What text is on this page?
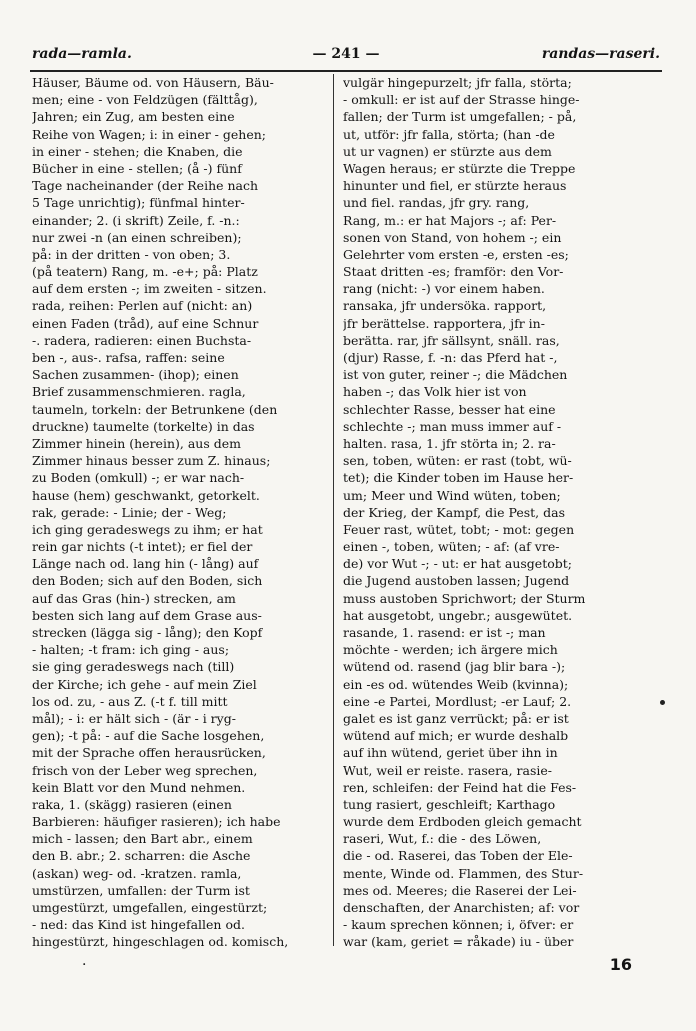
rada—ramla.	— 241 —	randas—raseri.
Häuser, Bäume od. von Häusern, Bäu-
men; eine - von Feldzügen (fälttåg),
Jahren; ein Zug, am besten eine
Reihe von Wagen; i: in einer - gehen;
in einer - stehen; die Knaben, die
Bücher in eine - stellen; (å -) fünf
Tage nacheinander (der Reihe nach
5 Tage unrichtig); fünfmal hinter-
einander; 2. (i skrift) Zeile, f. -n.:
nur zwei -n (an einen schreiben);
på: in der dritten - von oben; 3.
(på teatern) Rang, m. -e+; på: Platz
auf dem ersten -; im zweiten - sitzen.
rada, reihen: Perlen auf (nicht: an)
einen Faden (tråd), auf eine Schnur
-. radera, radieren: einen Buchsta-
ben -, aus-. rafsa, raffen: seine
Sachen zusammen- (ihop); einen
Brief zusammenschmieren. ragla,
taumeln, torkeln: der Betrunkene (den
druckne) taumelte (torkelte) in das
Zimmer hinein (herein), aus dem
Zimmer hinaus besser zum Z. hinaus;
zu Boden (omkull) -; er war nach-
hause (hem) geschwankt, getorkelt.
rak, gerade: - Linie; der - Weg;
ich ging geradeswegs zu ihm; er hat
rein gar nichts (-t intet); er fiel der
Länge nach od. lang hin (- lång) auf
den Boden; sich auf den Boden, sich
auf das Gras (hin-) strecken, am
besten sich lang auf dem Grase aus-
strecken (lägga sig - lång); den Kopf
- halten; -t fram: ich ging - aus;
sie ging geradeswegs nach (till)
der Kirche; ich gehe - auf mein Ziel
los od. zu, - aus Z. (-t f. till mitt
mål); - i: er hält sich - (är - i ryg-
gen); -t på: - auf die Sache losgehen,
mit der Sprache offen herausrücken,
frisch von der Leber weg sprechen,
kein Blatt vor den Mund nehmen.
raka, 1. (skägg) rasieren (einen
Barbieren: häufiger rasieren); ich habe
mich - lassen; den Bart abr., einem
den B. abr.; 2. scharren: die Asche
(askan) weg- od. -kratzen. ramla,
umstürzen, umfallen: der Turm ist
umgestürzt, umgefallen, eingestürzt;
- ned: das Kind ist hingefallen od.
hingestürzt, hingeschlagen od. komisch,
vulgär hingepurzelt; jfr falla, störta;
- omkull: er ist auf der Strasse hinge-
fallen; der Turm ist umgefallen; - på,
ut, utför: jfr falla, störta; (han -de
ut ur vagnen) er stürzte aus dem
Wagen heraus; er stürzte die Treppe
hinunter und fiel, er stürzte heraus
und fiel. randas, jfr gry. rang,
Rang, m.: er hat Majors -; af: Per-
sonen von Stand, von hohem -; ein
Gelehrter vom ersten -e, ersten -es;
Staat dritten -es; framför: den Vor-
rang (nicht: -) vor einem haben.
ransaka, jfr undersöka. rapport,
jfr berättelse. rapportera, jfr in-
berätta. rar, jfr sällsynt, snäll. ras,
(djur) Rasse, f. -n: das Pferd hat -,
ist von guter, reiner -; die Mädchen
haben -; das Volk hier ist von
schlechter Rasse, besser hat eine
schlechte -; man muss immer auf -
halten. rasa, 1. jfr störta in; 2. ra-
sen, toben, wüten: er rast (tobt, wü-
tet); die Kinder toben im Hause her-
um; Meer und Wind wüten, toben;
der Krieg, der Kampf, die Pest, das
Feuer rast, wütet, tobt; - mot: gegen
einen -, toben, wüten; - af: (af vre-
de) vor Wut -; - ut: er hat ausgetobt;
die Jugend austoben lassen; Jugend
muss austoben Sprichwort; der Sturm
hat ausgetobt, ungebr.; ausgewütet.
rasande, 1. rasend: er ist -; man
möchte - werden; ich ärgere mich
wütend od. rasend (jag blir bara -);
ein -es od. wütendes Weib (kvinna);
eine -e Partei, Mordlust; -er Lauf; 2.
galet es ist ganz verrückt; på: er ist
wütend auf mich; er wurde deshalb
auf ihn wütend, geriet über ihn in
Wut, weil er reiste. rasera, rasie-
ren, schleifen: der Feind hat die Fes-
tung rasiert, geschleift; Karthago
wurde dem Erdboden gleich gemacht
raseri, Wut, f.: die - des Löwen,
die - od. Raserei, das Toben der Ele-
mente, Winde od. Flammen, des Stur-
mes od. Meeres; die Raserei der Lei-
denschaften, der Anarchisten; af: vor
- kaum sprechen können; i, öfver: er
war (kam, geriet = råkade) iu - über
·	16
